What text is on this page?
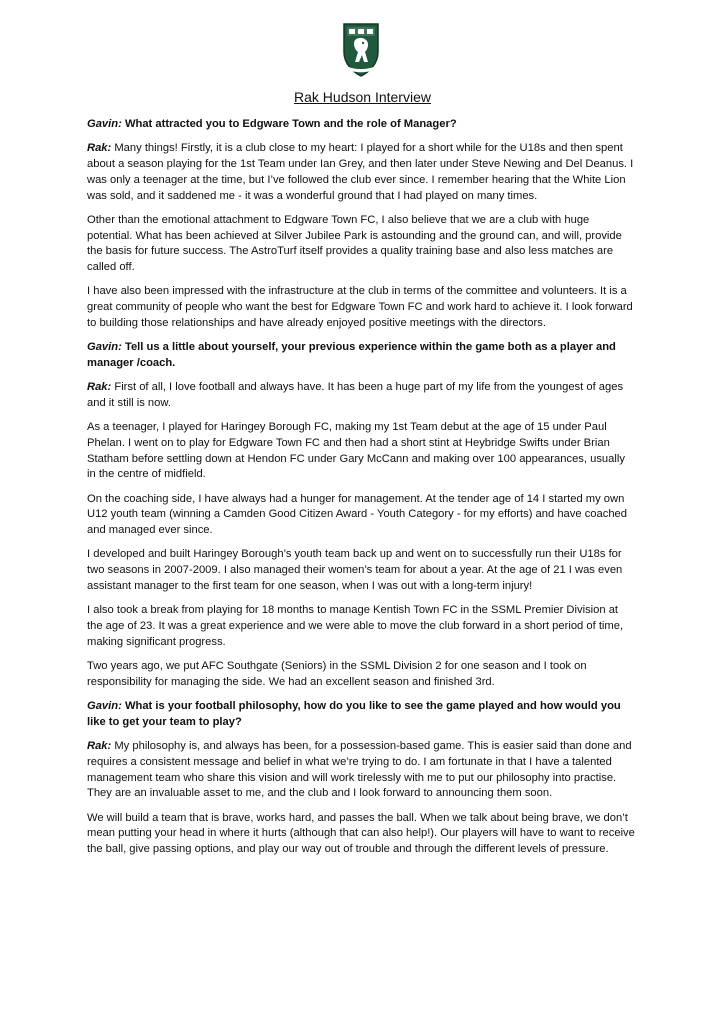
Rak Hudson Interview

Gavin: What attracted you to Edgware Town and the role of Manager?

Rak: Many things! Firstly, it is a club close to my heart: I played for a short while for the U18s and then spent about a season playing for the 1st Team under Ian Grey, and then later under Steve Newing and Del Deanus. I was only a teenager at the time, but I’ve followed the club ever since. I remember hearing that the White Lion was sold, and it saddened me - it was a wonderful ground that I had played on many times.

Other than the emotional attachment to Edgware Town FC, I also believe that we are a club with huge potential. What has been achieved at Silver Jubilee Park is astounding and the ground can, and will, provide the basis for future success. The AstroTurf itself provides a quality training base and also less matches are called off.

I have also been impressed with the infrastructure at the club in terms of the committee and volunteers. It is a great community of people who want the best for Edgware Town FC and work hard to achieve it. I look forward to building those relationships and have already enjoyed positive meetings with the directors.

Gavin: Tell us a little about yourself, your previous experience within the game both as a player and manager /coach.

Rak: First of all, I love football and always have. It has been a huge part of my life from the youngest of ages and it still is now.

As a teenager, I played for Haringey Borough FC, making my 1st Team debut at the age of 15 under Paul Phelan. I went on to play for Edgware Town FC and then had a short stint at Heybridge Swifts under Brian Statham before settling down at Hendon FC under Gary McCann and making over 100 appearances, usually in the centre of midfield.

On the coaching side, I have always had a hunger for management. At the tender age of 14 I started my own U12 youth team (winning a Camden Good Citizen Award - Youth Category - for my efforts) and have coached and managed ever since.

I developed and built Haringey Borough’s youth team back up and went on to successfully run their U18s for two seasons in 2007-2009. I also managed their women’s team for about a year. At the age of 21 I was even assistant manager to the first team for one season, when I was out with a long-term injury!

I also took a break from playing for 18 months to manage Kentish Town FC in the SSML Premier Division at the age of 23. It was a great experience and we were able to move the club forward in a short period of time, making significant progress.

Two years ago, we put AFC Southgate (Seniors) in the SSML Division 2 for one season and I took on responsibility for managing the side. We had an excellent season and finished 3rd.

Gavin: What is your football philosophy, how do you like to see the game played and how would you like to get your team to play?

Rak: My philosophy is, and always has been, for a possession-based game. This is easier said than done and requires a consistent message and belief in what we’re trying to do. I am fortunate in that I have a talented management team who share this vision and will work tirelessly with me to put our philosophy into practise. They are an invaluable asset to me, and the club and I look forward to announcing them soon.

We will build a team that is brave, works hard, and passes the ball. When we talk about being brave, we don’t mean putting your head in where it hurts (although that can also help!). Our players will have to want to receive the ball, give passing options, and play our way out of trouble and through the different levels of pressure.
